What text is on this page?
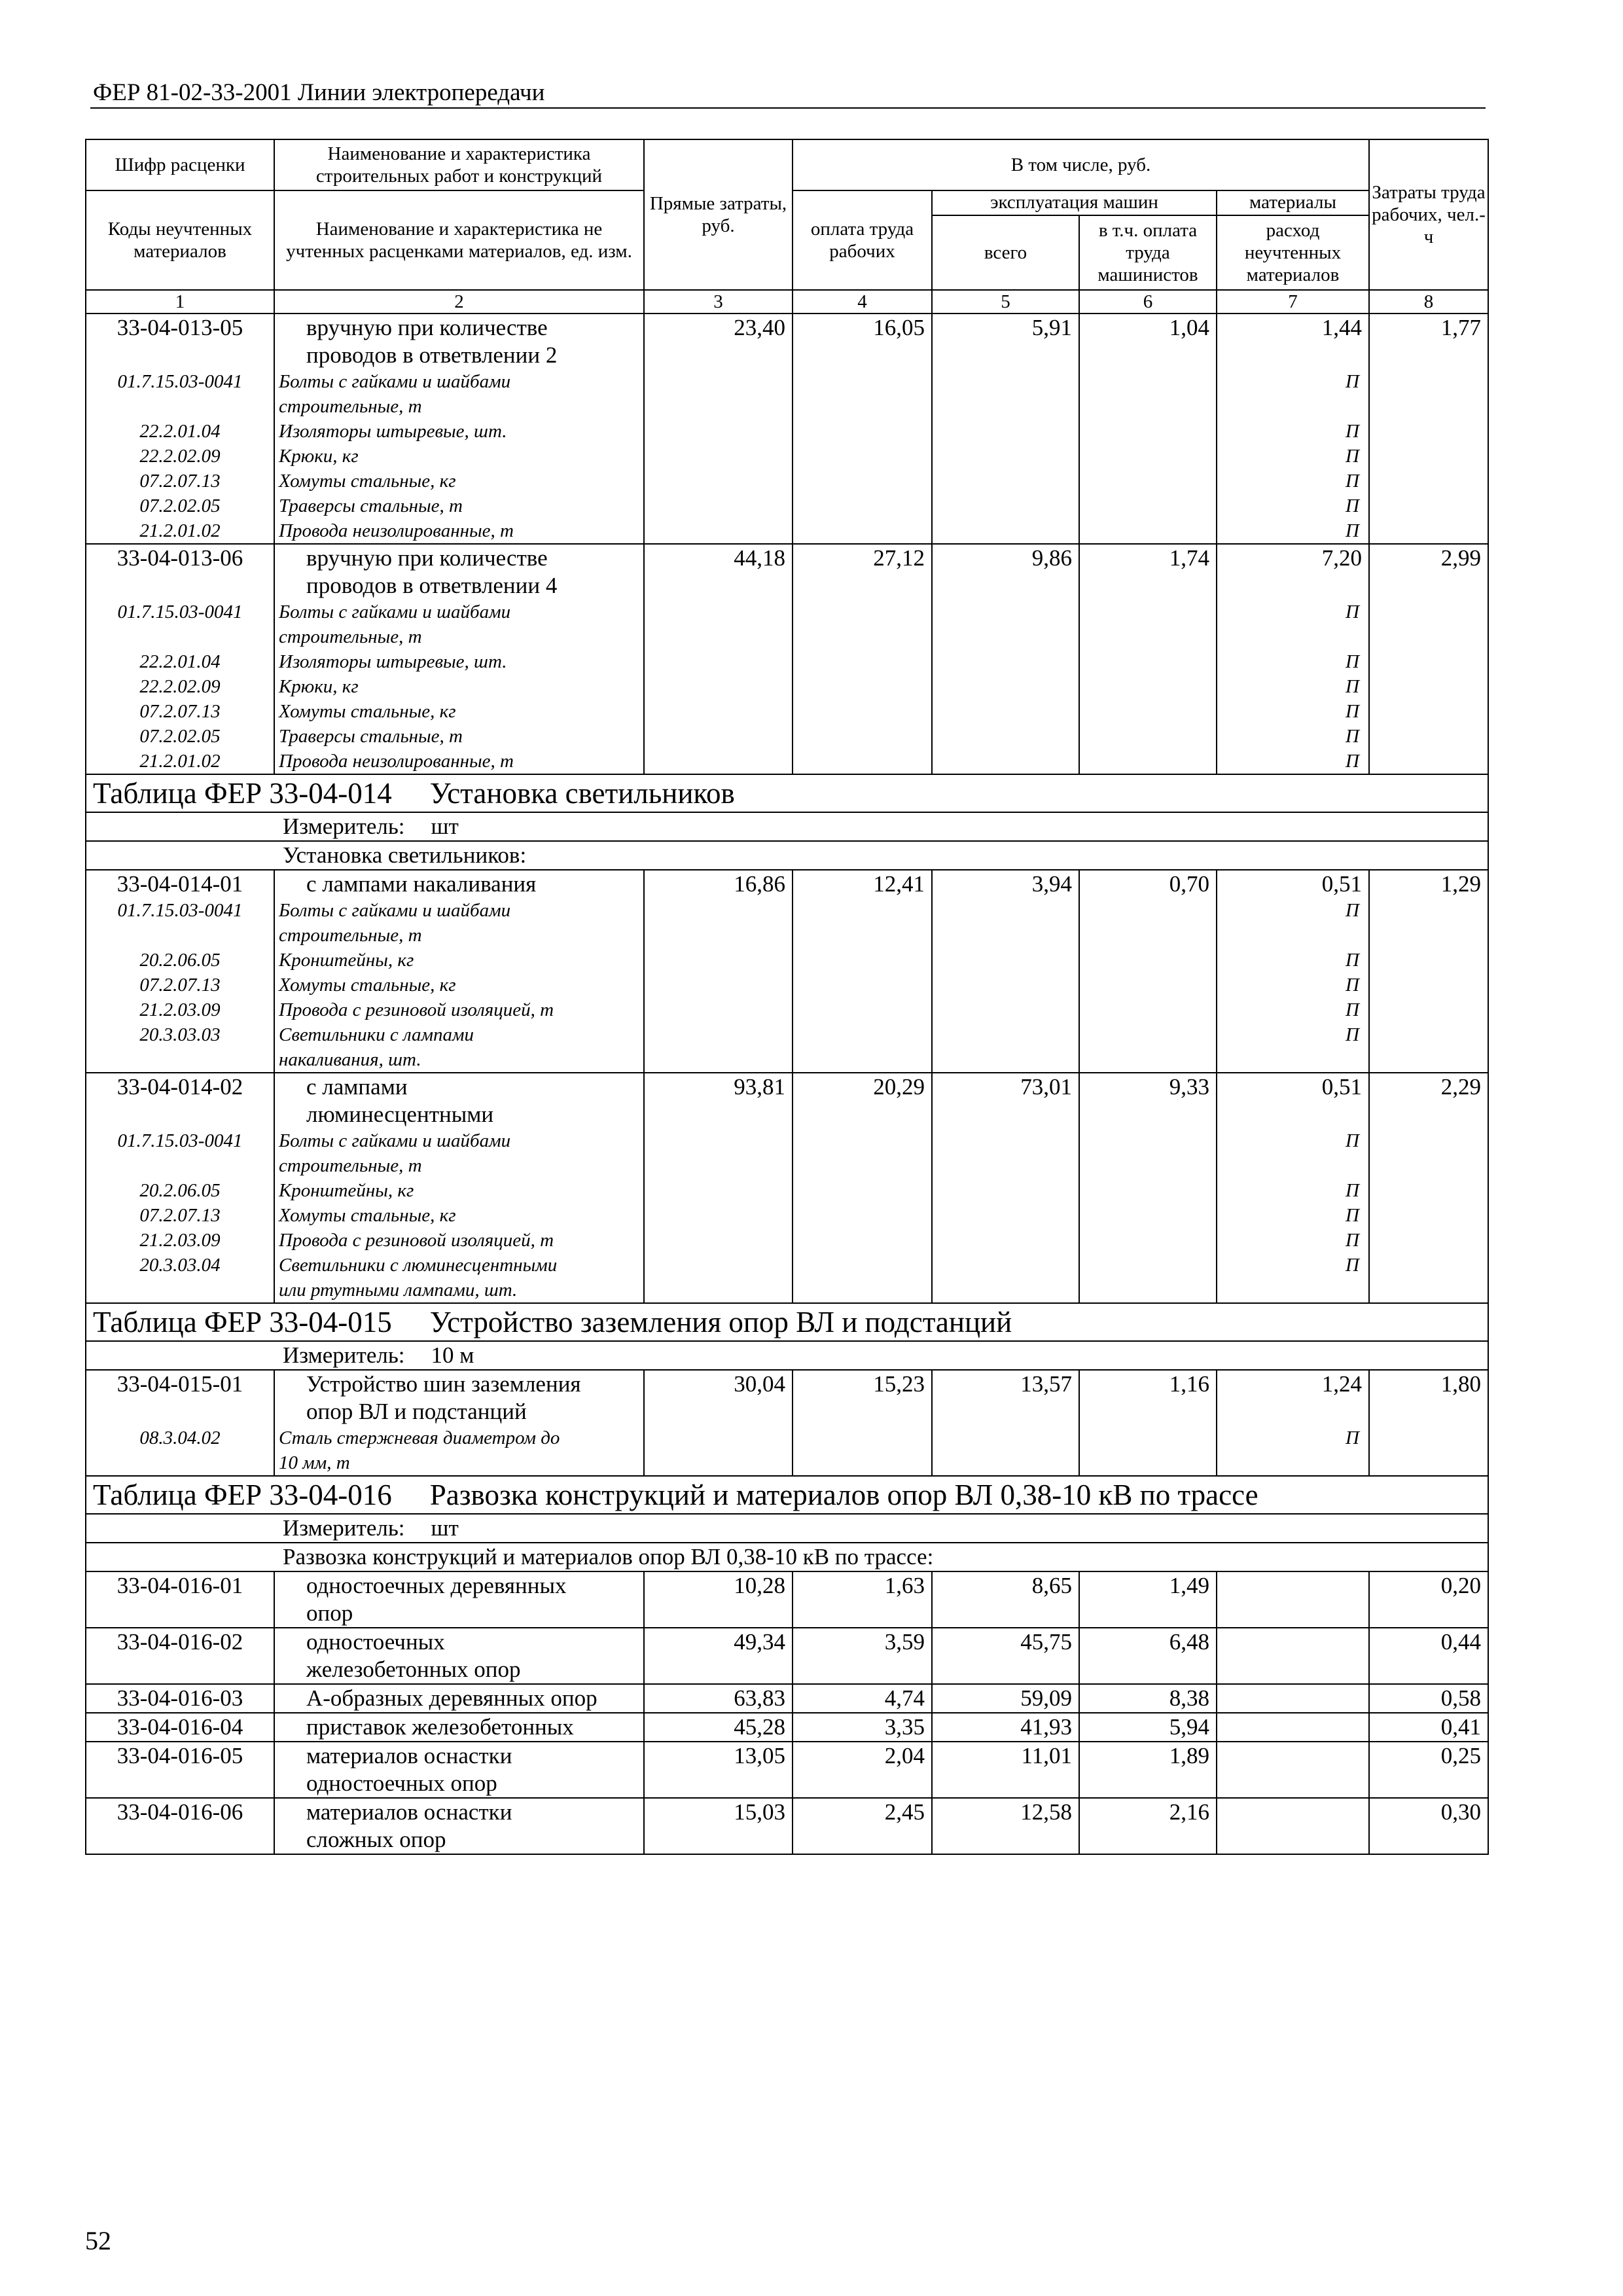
ФЕР 81-02-33-2001 Линии электропередачи
Шифр расценки	Наименование и характеристика строительных работ и конструкций	Прямые затраты, руб.	В том числе, руб.				Затраты труда рабочих, чел.-ч
Коды неучтенных материалов	Наименование и характеристика не учтенных расценками материалов, ед. изм.		оплата труда рабочих	эксплуатация машин		материалы	
				всего	в т.ч. оплата труда машинистов	расход неучтенных материалов	
1	2	3	4	5	6	7	8
33-04-013-05	вручную при количестве
проводов в ответвлении 2	23,40	16,05	5,91	1,04	1,44	1,77
01.7.15.03-0041	Болты с гайками и шайбами
строительные, т					П	
22.2.01.04	Изоляторы штыревые, шт.					П	
22.2.02.09	Крюки, кг					П	
07.2.07.13	Хомуты стальные, кг					П	
07.2.02.05	Траверсы стальные, т					П	
21.2.01.02	Провода неизолированные, т					П	
33-04-013-06	вручную при количестве
проводов в ответвлении 4	44,18	27,12	9,86	1,74	7,20	2,99
01.7.15.03-0041	Болты с гайками и шайбами
строительные, т					П	
22.2.01.04	Изоляторы штыревые, шт.					П	
22.2.02.09	Крюки, кг					П	
07.2.07.13	Хомуты стальные, кг					П	
07.2.02.05	Траверсы стальные, т					П	
21.2.01.02	Провода неизолированные, т					П	
Таблица ФЕР 33-04-014 Установка светильников							
Измеритель: шт							
Установка светильников:							
33-04-014-01	с лампами накаливания	16,86	12,41	3,94	0,70	0,51	1,29
01.7.15.03-0041	Болты с гайками и шайбами
строительные, т					П	
20.2.06.05	Кронштейны, кг					П	
07.2.07.13	Хомуты стальные, кг					П	
21.2.03.09	Провода с резиновой изоляцией, т					П	
20.3.03.03	Светильники с лампами
накаливания, шт.					П	
33-04-014-02	с лампами
люминесцентными	93,81	20,29	73,01	9,33	0,51	2,29
01.7.15.03-0041	Болты с гайками и шайбами
строительные, т					П	
20.2.06.05	Кронштейны, кг					П	
07.2.07.13	Хомуты стальные, кг					П	
21.2.03.09	Провода с резиновой изоляцией, т					П	
20.3.03.04	Светильники с люминесцентными
или ртутными лампами, шт.					П	
Таблица ФЕР 33-04-015 Устройство заземления опор ВЛ и подстанций							
Измеритель: 10 м							
33-04-015-01	Устройство шин заземления
опор ВЛ и подстанций	30,04	15,23	13,57	1,16	1,24	1,80
08.3.04.02	Сталь стержневая диаметром до
10 мм, т					П	
Таблица ФЕР 33-04-016 Развозка конструкций и материалов опор ВЛ 0,38-10 кВ по трассе							
Измеритель: шт							
Развозка конструкций и материалов опор ВЛ 0,38-10 кВ по трассе:							
33-04-016-01	одностоечных деревянных
опор	10,28	1,63	8,65	1,49		0,20
33-04-016-02	одностоечных
железобетонных опор	49,34	3,59	45,75	6,48		0,44
33-04-016-03	А-образных деревянных опор	63,83	4,74	59,09	8,38		0,58
33-04-016-04	приставок железобетонных	45,28	3,35	41,93	5,94		0,41
33-04-016-05	материалов оснастки
одностоечных опор	13,05	2,04	11,01	1,89		0,25
33-04-016-06	материалов оснастки
сложных опор	15,03	2,45	12,58	2,16		0,30
52
